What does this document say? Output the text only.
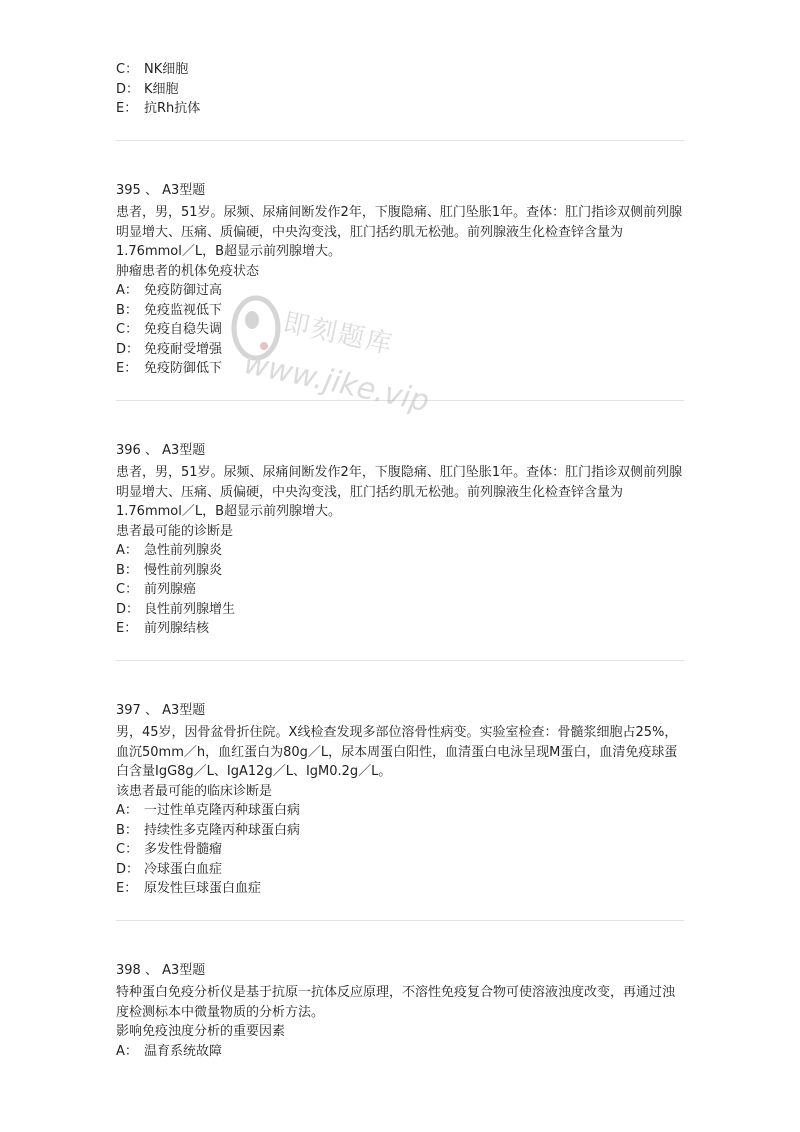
C： NK细胞
D： K细胞
E： 抗Rh抗体
395 、 A3型题
患者，男，51岁。尿频、尿痛间断发作2年，下腹隐痛、肛门坠胀1年。查体：肛门指诊双侧前列腺明显增大、压痛、质偏硬，中央沟变浅，肛门括约肌无松弛。前列腺液生化检查锌含量为1.76mmol／L，B超显示前列腺增大。
肿瘤患者的机体免疫状态
A： 免疫防御过高
B： 免疫监视低下
C： 免疫自稳失调
D： 免疫耐受增强
E： 免疫防御低下
396 、 A3型题
患者，男，51岁。尿频、尿痛间断发作2年，下腹隐痛、肛门坠胀1年。查体：肛门指诊双侧前列腺明显增大、压痛、质偏硬，中央沟变浅，肛门括约肌无松弛。前列腺液生化检查锌含量为1.76mmol／L，B超显示前列腺增大。
患者最可能的诊断是
A： 急性前列腺炎
B： 慢性前列腺炎
C： 前列腺癌
D： 良性前列腺增生
E： 前列腺结核
397 、 A3型题
男，45岁，因骨盆骨折住院。X线检查发现多部位溶骨性病变。实验室检查：骨髓浆细胞占25%，血沉50mm／h，血红蛋白为80g／L，尿本周蛋白阳性，血清蛋白电泳呈现M蛋白，血清免疫球蛋白含量IgG8g／L、IgA12g／L、IgM0.2g／L。
该患者最可能的临床诊断是
A： 一过性单克隆丙种球蛋白病
B： 持续性多克隆丙种球蛋白病
C： 多发性骨髓瘤
D： 冷球蛋白血症
E： 原发性巨球蛋白血症
398 、 A3型题
特种蛋白免疫分析仪是基于抗原一抗体反应原理，不溶性免疫复合物可使溶液浊度改变，再通过浊度检测标本中微量物质的分析方法。
影响免疫浊度分析的重要因素
A： 温育系统故障
即刻题库
www.jike.vip
